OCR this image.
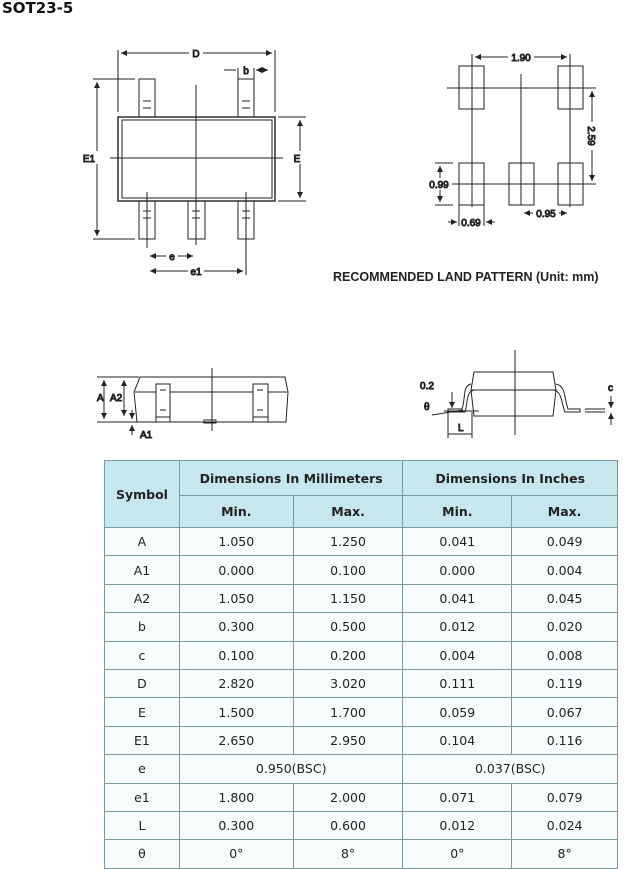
SOT23-5
D
b
E1	E
e
e1
1.90
2.59
0.99
0.69
0.95
A A2
A1
0.2
θ
L
c
RECOMMENDED LAND PATTERN (Unit: mm)
Symbol	Dimensions In Millimeters		Dimensions In Inches	
	Min.	Max.	Min.	Max.
A	1.050	1.250	0.041	0.049
A1	0.000	0.100	0.000	0.004
A2	1.050	1.150	0.041	0.045
b	0.300	0.500	0.012	0.020
c	0.100	0.200	0.004	0.008
D	2.820	3.020	0.111	0.119
E	1.500	1.700	0.059	0.067
E1	2.650	2.950	0.104	0.116
e	0.950(BSC)		0.037(BSC)	
e1	1.800	2.000	0.071	0.079
L	0.300	0.600	0.012	0.024
θ	0°	8°	0°	8°
